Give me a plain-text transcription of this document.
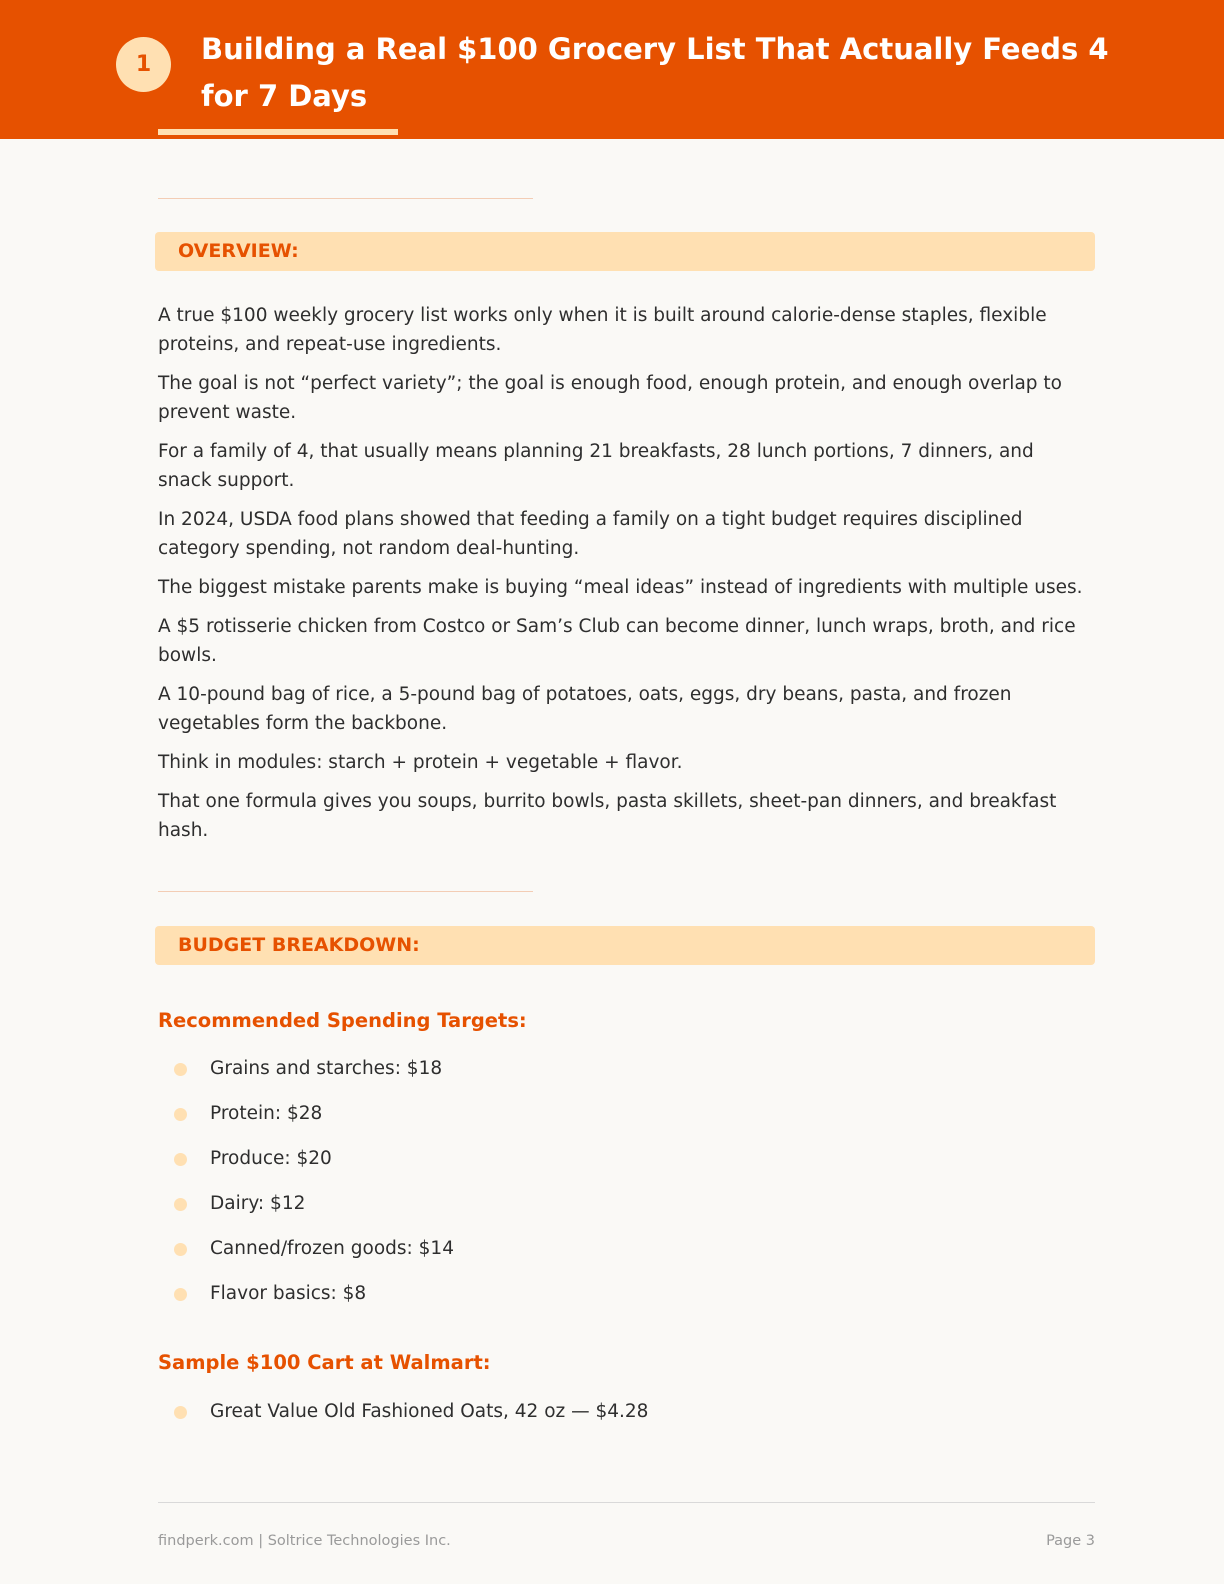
1	Building a Real $100 Grocery List That Actually Feeds 4 for 7 Days
OVERVIEW:

A true $100 weekly grocery list works only when it is built around calorie-dense staples, flexible proteins, and repeat-use ingredients.

The goal is not “perfect variety”; the goal is enough food, enough protein, and enough overlap to prevent waste.

For a family of 4, that usually means planning 21 breakfasts, 28 lunch portions, 7 dinners, and snack support.

In 2024, USDA food plans showed that feeding a family on a tight budget requires disciplined category spending, not random deal-hunting.

The biggest mistake parents make is buying “meal ideas” instead of ingredients with multiple uses.

A $5 rotisserie chicken from Costco or Sam’s Club can become dinner, lunch wraps, broth, and rice bowls.

A 10-pound bag of rice, a 5-pound bag of potatoes, oats, eggs, dry beans, pasta, and frozen vegetables form the backbone.

Think in modules: starch + protein + vegetable + flavor.

That one formula gives you soups, burrito bowls, pasta skillets, sheet-pan dinners, and breakfast hash.

BUDGET BREAKDOWN:
Recommended Spending Targets:
Grains and starches: $18
Protein: $28
Produce: $20
Dairy: $12
Canned/frozen goods: $14
Flavor basics: $8
Sample $100 Cart at Walmart:
Great Value Old Fashioned Oats, 42 oz — $4.28
findperk.com | Soltrice Technologies Inc.	Page 3
